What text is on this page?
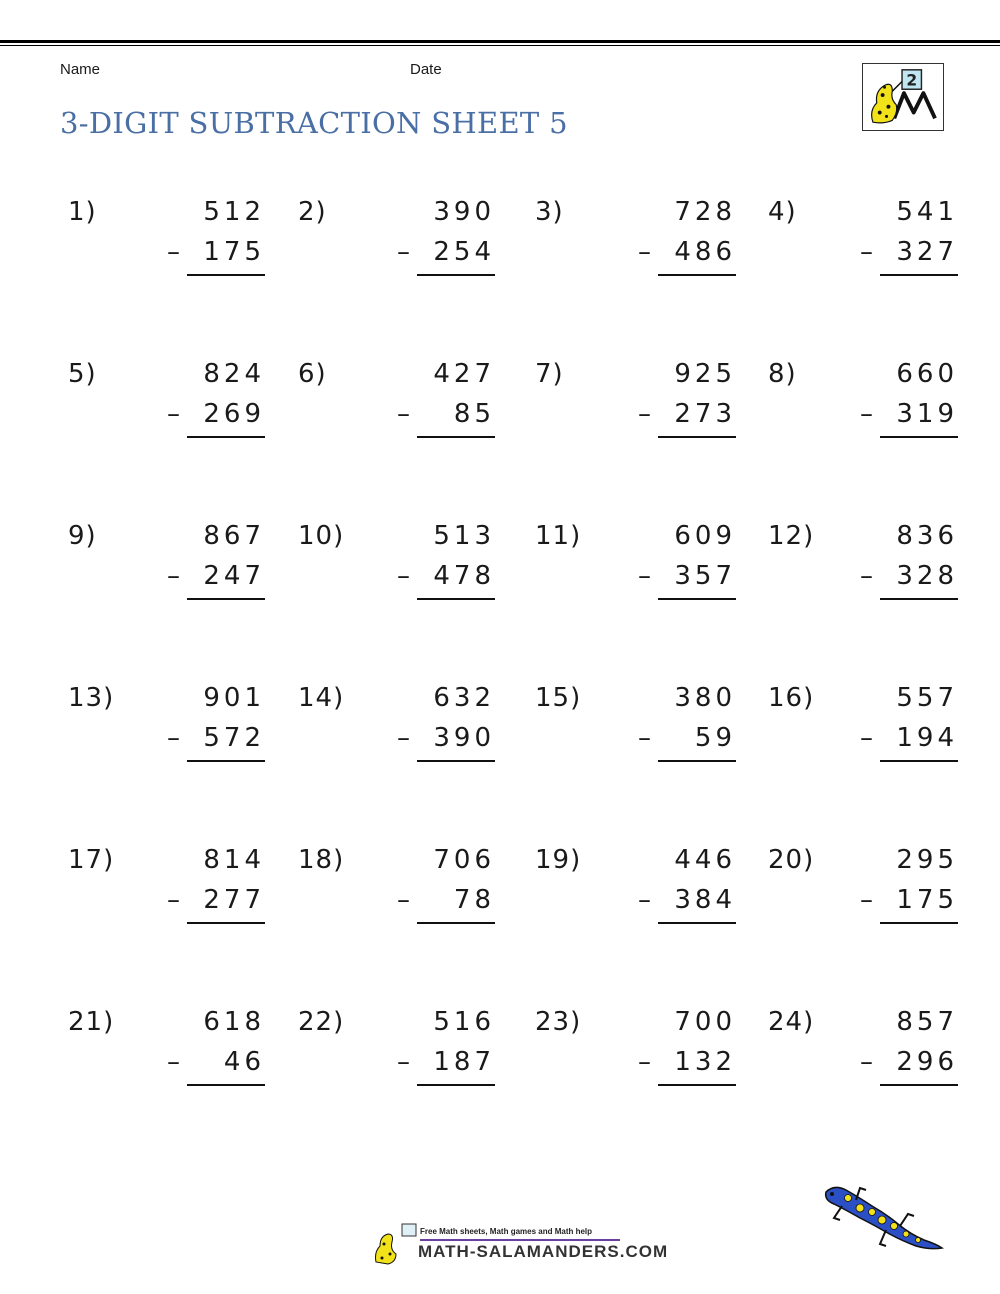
Name	Date
3-DIGIT SUBTRACTION SHEET 5
2
1)	512
– 175
2)	390
– 254
3)	728
– 486
4)	541
– 327
5)	824
– 269
6)	427
–	85
7)	925
– 273
8)	660
– 319
9)	867
– 247
10)	513
– 478
11)	609
– 357
12)	836
– 328
13)	901
– 572
14)	632
– 390
15)	380
–	59
16)	557
– 194
17)	814
– 277
18)	706
–	78
19)	446
– 384
20)	295
– 175
21)	618
–	46
22)	516
– 187
23)	700
– 132
24)	857
– 296
Free Math sheets, Math games and Math help
MATH-SALAMANDERS.COM
